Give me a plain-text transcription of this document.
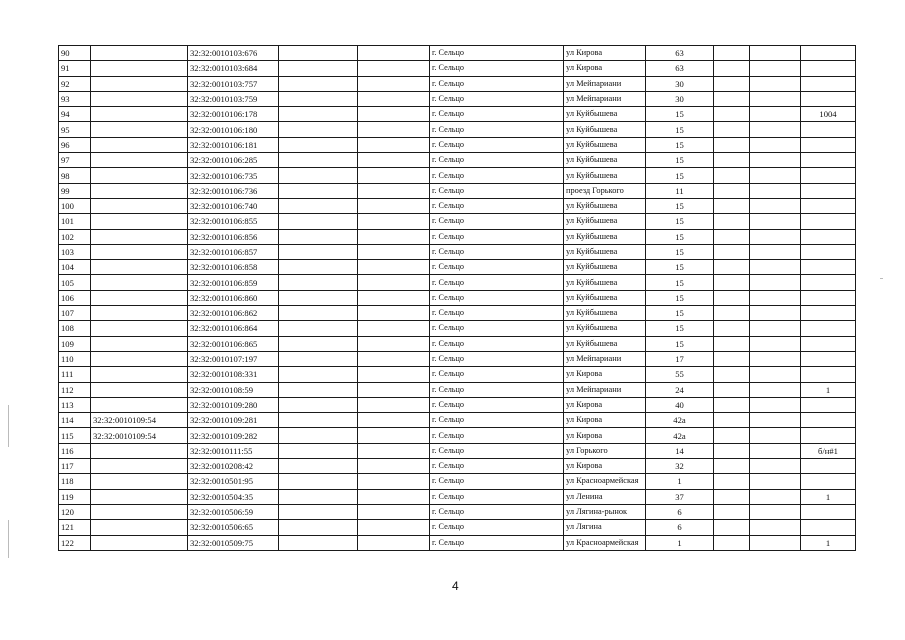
90		32:32:0010103:676			г. Сельцо	ул Кирова	63			
91		32:32:0010103:684			г. Сельцо	ул Кирова	63			
92		32:32:0010103:757			г. Сельцо	ул Мейпариани	30			
93		32:32:0010103:759			г. Сельцо	ул Мейпариани	30			
94		32:32:0010106:178			г. Сельцо	ул Куйбышева	15			1004
95		32:32:0010106:180			г. Сельцо	ул Куйбышева	15			
96		32:32:0010106:181			г. Сельцо	ул Куйбышева	15			
97		32:32:0010106:285			г. Сельцо	ул Куйбышева	15			
98		32:32:0010106:735			г. Сельцо	ул Куйбышева	15			
99		32:32:0010106:736			г. Сельцо	проезд Горького	11			
100		32:32:0010106:740			г. Сельцо	ул Куйбышева	15			
101		32:32:0010106:855			г. Сельцо	ул Куйбышева	15			
102		32:32:0010106:856			г. Сельцо	ул Куйбышева	15			
103		32:32:0010106:857			г. Сельцо	ул Куйбышева	15			
104		32:32:0010106:858			г. Сельцо	ул Куйбышева	15			
105		32:32:0010106:859			г. Сельцо	ул Куйбышева	15			
106		32:32:0010106:860			г. Сельцо	ул Куйбышева	15			
107		32:32:0010106:862			г. Сельцо	ул Куйбышева	15			
108		32:32:0010106:864			г. Сельцо	ул Куйбышева	15			
109		32:32:0010106:865			г. Сельцо	ул Куйбышева	15			
110		32:32:0010107:197			г. Сельцо	ул Мейпариани	17			
111		32:32:0010108:331			г. Сельцо	ул Кирова	55			
112		32:32:0010108:59			г. Сельцо	ул Мейпариани	24			1
113		32:32:0010109:280			г. Сельцо	ул Кирова	40			
114	32:32:0010109:54	32:32:0010109:281			г. Сельцо	ул Кирова	42а			
115	32:32:0010109:54	32:32:0010109:282			г. Сельцо	ул Кирова	42а			
116		32:32:0010111:55			г. Сельцо	ул Горького	14			б/н#1
117		32:32:0010208:42			г. Сельцо	ул Кирова	32			
118		32:32:0010501:95			г. Сельцо	ул Красноармейская	1			
119		32:32:0010504:35			г. Сельцо	ул Ленина	37			1
120		32:32:0010506:59			г. Сельцо	ул Лягина-рынок	6			
121		32:32:0010506:65			г. Сельцо	ул Лягина	6			
122		32:32:0010509:75			г. Сельцо	ул Красноармейская	1			1
4
